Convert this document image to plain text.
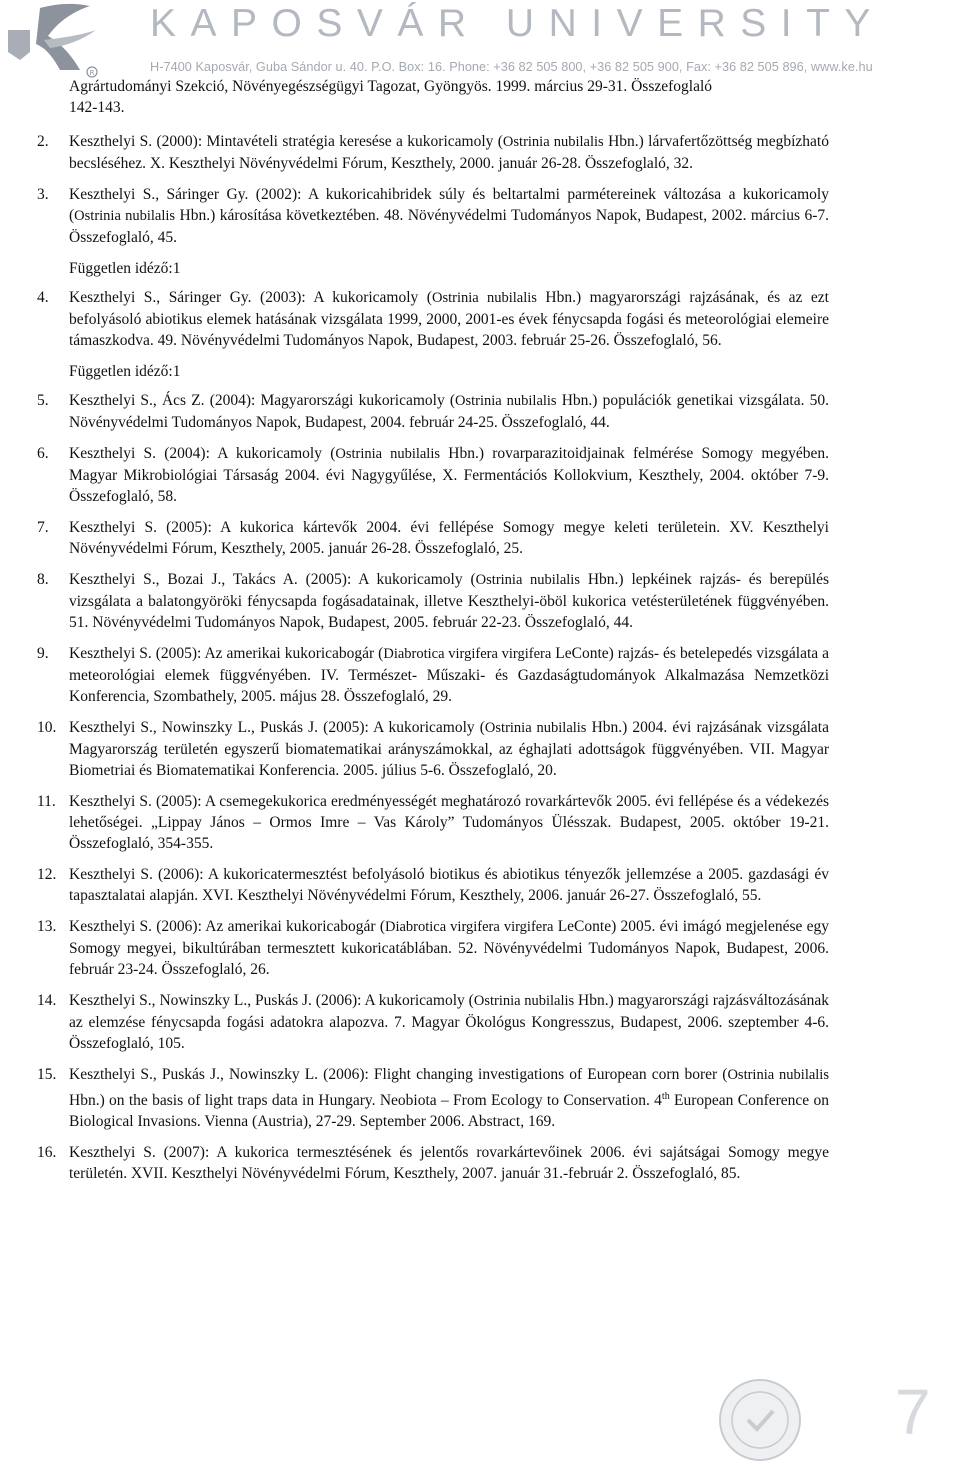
R
KAPOSVÁR UNIVERSITY
H-7400 Kaposvár, Guba Sándor u. 40. P.O. Box: 16. Phone: +36 82 505 800, +36 82 505 900, Fax: +36 82 505 896, www.ke.hu

Agrártudományi Szekció, Növényegészségügyi Tagozat, Gyöngyös. 1999. március 29-31. Összefoglaló

142-143.

2. Keszthelyi S. (2000): Mintavételi stratégia keresése a kukoricamoly (Ostrinia nubilalis Hbn.) lárvafertőzöttség megbízható becsléséhez. X. Keszthelyi Növényvédelmi Fórum, Keszthely, 2000. január 26-28. Összefoglaló, 32.
3. Keszthelyi S., Sáringer Gy. (2002): A kukoricahibridek súly és beltartalmi parmétereinek változása a kukoricamoly (Ostrinia nubilalis Hbn.) károsítása következtében. 48. Növényvédelmi Tudományos Napok, Budapest, 2002. március 6-7. Összefoglaló, 45.

Független idéző:1

4. Keszthelyi S., Sáringer Gy. (2003): A kukoricamoly (Ostrinia nubilalis Hbn.) magyarországi rajzásának, és az ezt befolyásoló abiotikus elemek hatásának vizsgálata 1999, 2000, 2001-es évek fénycsapda fogási és meteorológiai elemeire támaszkodva. 49. Növényvédelmi Tudományos Napok, Budapest, 2003. február 25-26. Összefoglaló, 56.

Független idéző:1

5. Keszthelyi S., Ács Z. (2004): Magyarországi kukoricamoly (Ostrinia nubilalis Hbn.) populációk genetikai vizsgálata. 50. Növényvédelmi Tudományos Napok, Budapest, 2004. február 24-25. Összefoglaló, 44.
6. Keszthelyi S. (2004): A kukoricamoly (Ostrinia nubilalis Hbn.) rovarparazitoidjainak felmérése Somogy megyében. Magyar Mikrobiológiai Társaság 2004. évi Nagygyűlése, X. Fermentációs Kollokvium, Keszthely, 2004. október 7-9. Összefoglaló, 58.
7. Keszthelyi S. (2005): A kukorica kártevők 2004. évi fellépése Somogy megye keleti területein. XV. Keszthelyi Növényvédelmi Fórum, Keszthely, 2005. január 26-28. Összefoglaló, 25.
8. Keszthelyi S., Bozai J., Takács A. (2005): A kukoricamoly (Ostrinia nubilalis Hbn.) lepkéinek rajzás- és berepülés vizsgálata a balatongyöröki fénycsapda fogásadatainak, illetve Keszthelyi-öböl kukorica vetésterületének függvényében. 51. Növényvédelmi Tudományos Napok, Budapest, 2005. február 22-23. Összefoglaló, 44.
9. Keszthelyi S. (2005): Az amerikai kukoricabogár (Diabrotica virgifera virgifera LeConte) rajzás- és betelepedés vizsgálata a meteorológiai elemek függvényében. IV. Természet- Műszaki- és Gazdaságtudományok Alkalmazása Nemzetközi Konferencia, Szombathely, 2005. május 28. Összefoglaló, 29.
10. Keszthelyi S., Nowinszky L., Puskás J. (2005): A kukoricamoly (Ostrinia nubilalis Hbn.) 2004. évi rajzásának vizsgálata Magyarország területén egyszerű biomatematikai arányszámokkal, az éghajlati adottságok függvényében. VII. Magyar Biometriai és Biomatematikai Konferencia. 2005. július 5-6. Összefoglaló, 20.
11. Keszthelyi S. (2005): A csemegekukorica eredményességét meghatározó rovarkártevők 2005. évi fellépése és a védekezés lehetőségei. „Lippay János – Ormos Imre – Vas Károly” Tudományos Ülésszak. Budapest, 2005. október 19-21. Összefoglaló, 354-355.
12. Keszthelyi S. (2006): A kukoricatermesztést befolyásoló biotikus és abiotikus tényezők jellemzése a 2005. gazdasági év tapasztalatai alapján. XVI. Keszthelyi Növényvédelmi Fórum, Keszthely, 2006. január 26-27. Összefoglaló, 55.
13. Keszthelyi S. (2006): Az amerikai kukoricabogár (Diabrotica virgifera virgifera LeConte) 2005. évi imágó megjelenése egy Somogy megyei, bikultúrában termesztett kukoricatáblában. 52. Növényvédelmi Tudományos Napok, Budapest, 2006. február 23-24. Összefoglaló, 26.
14. Keszthelyi S., Nowinszky L., Puskás J. (2006): A kukoricamoly (Ostrinia nubilalis Hbn.) magyarországi rajzásváltozásának az elemzése fénycsapda fogási adatokra alapozva. 7. Magyar Ökológus Kongresszus, Budapest, 2006. szeptember 4-6. Összefoglaló, 105.
15. Keszthelyi S., Puskás J., Nowinszky L. (2006): Flight changing investigations of European corn borer (Ostrinia nubilalis Hbn.) on the basis of light traps data in Hungary. Neobiota – From Ecology to Conservation. 4th European Conference on Biological Invasions. Vienna (Austria), 27-29. September 2006. Abstract, 169.
16. Keszthelyi S. (2007): A kukorica termesztésének és jelentős rovarkártevőinek 2006. évi sajátságai Somogy megye területén. XVII. Keszthelyi Növényvédelmi Fórum, Keszthely, 2007. január 31.-február 2. Összefoglaló, 85.
7
